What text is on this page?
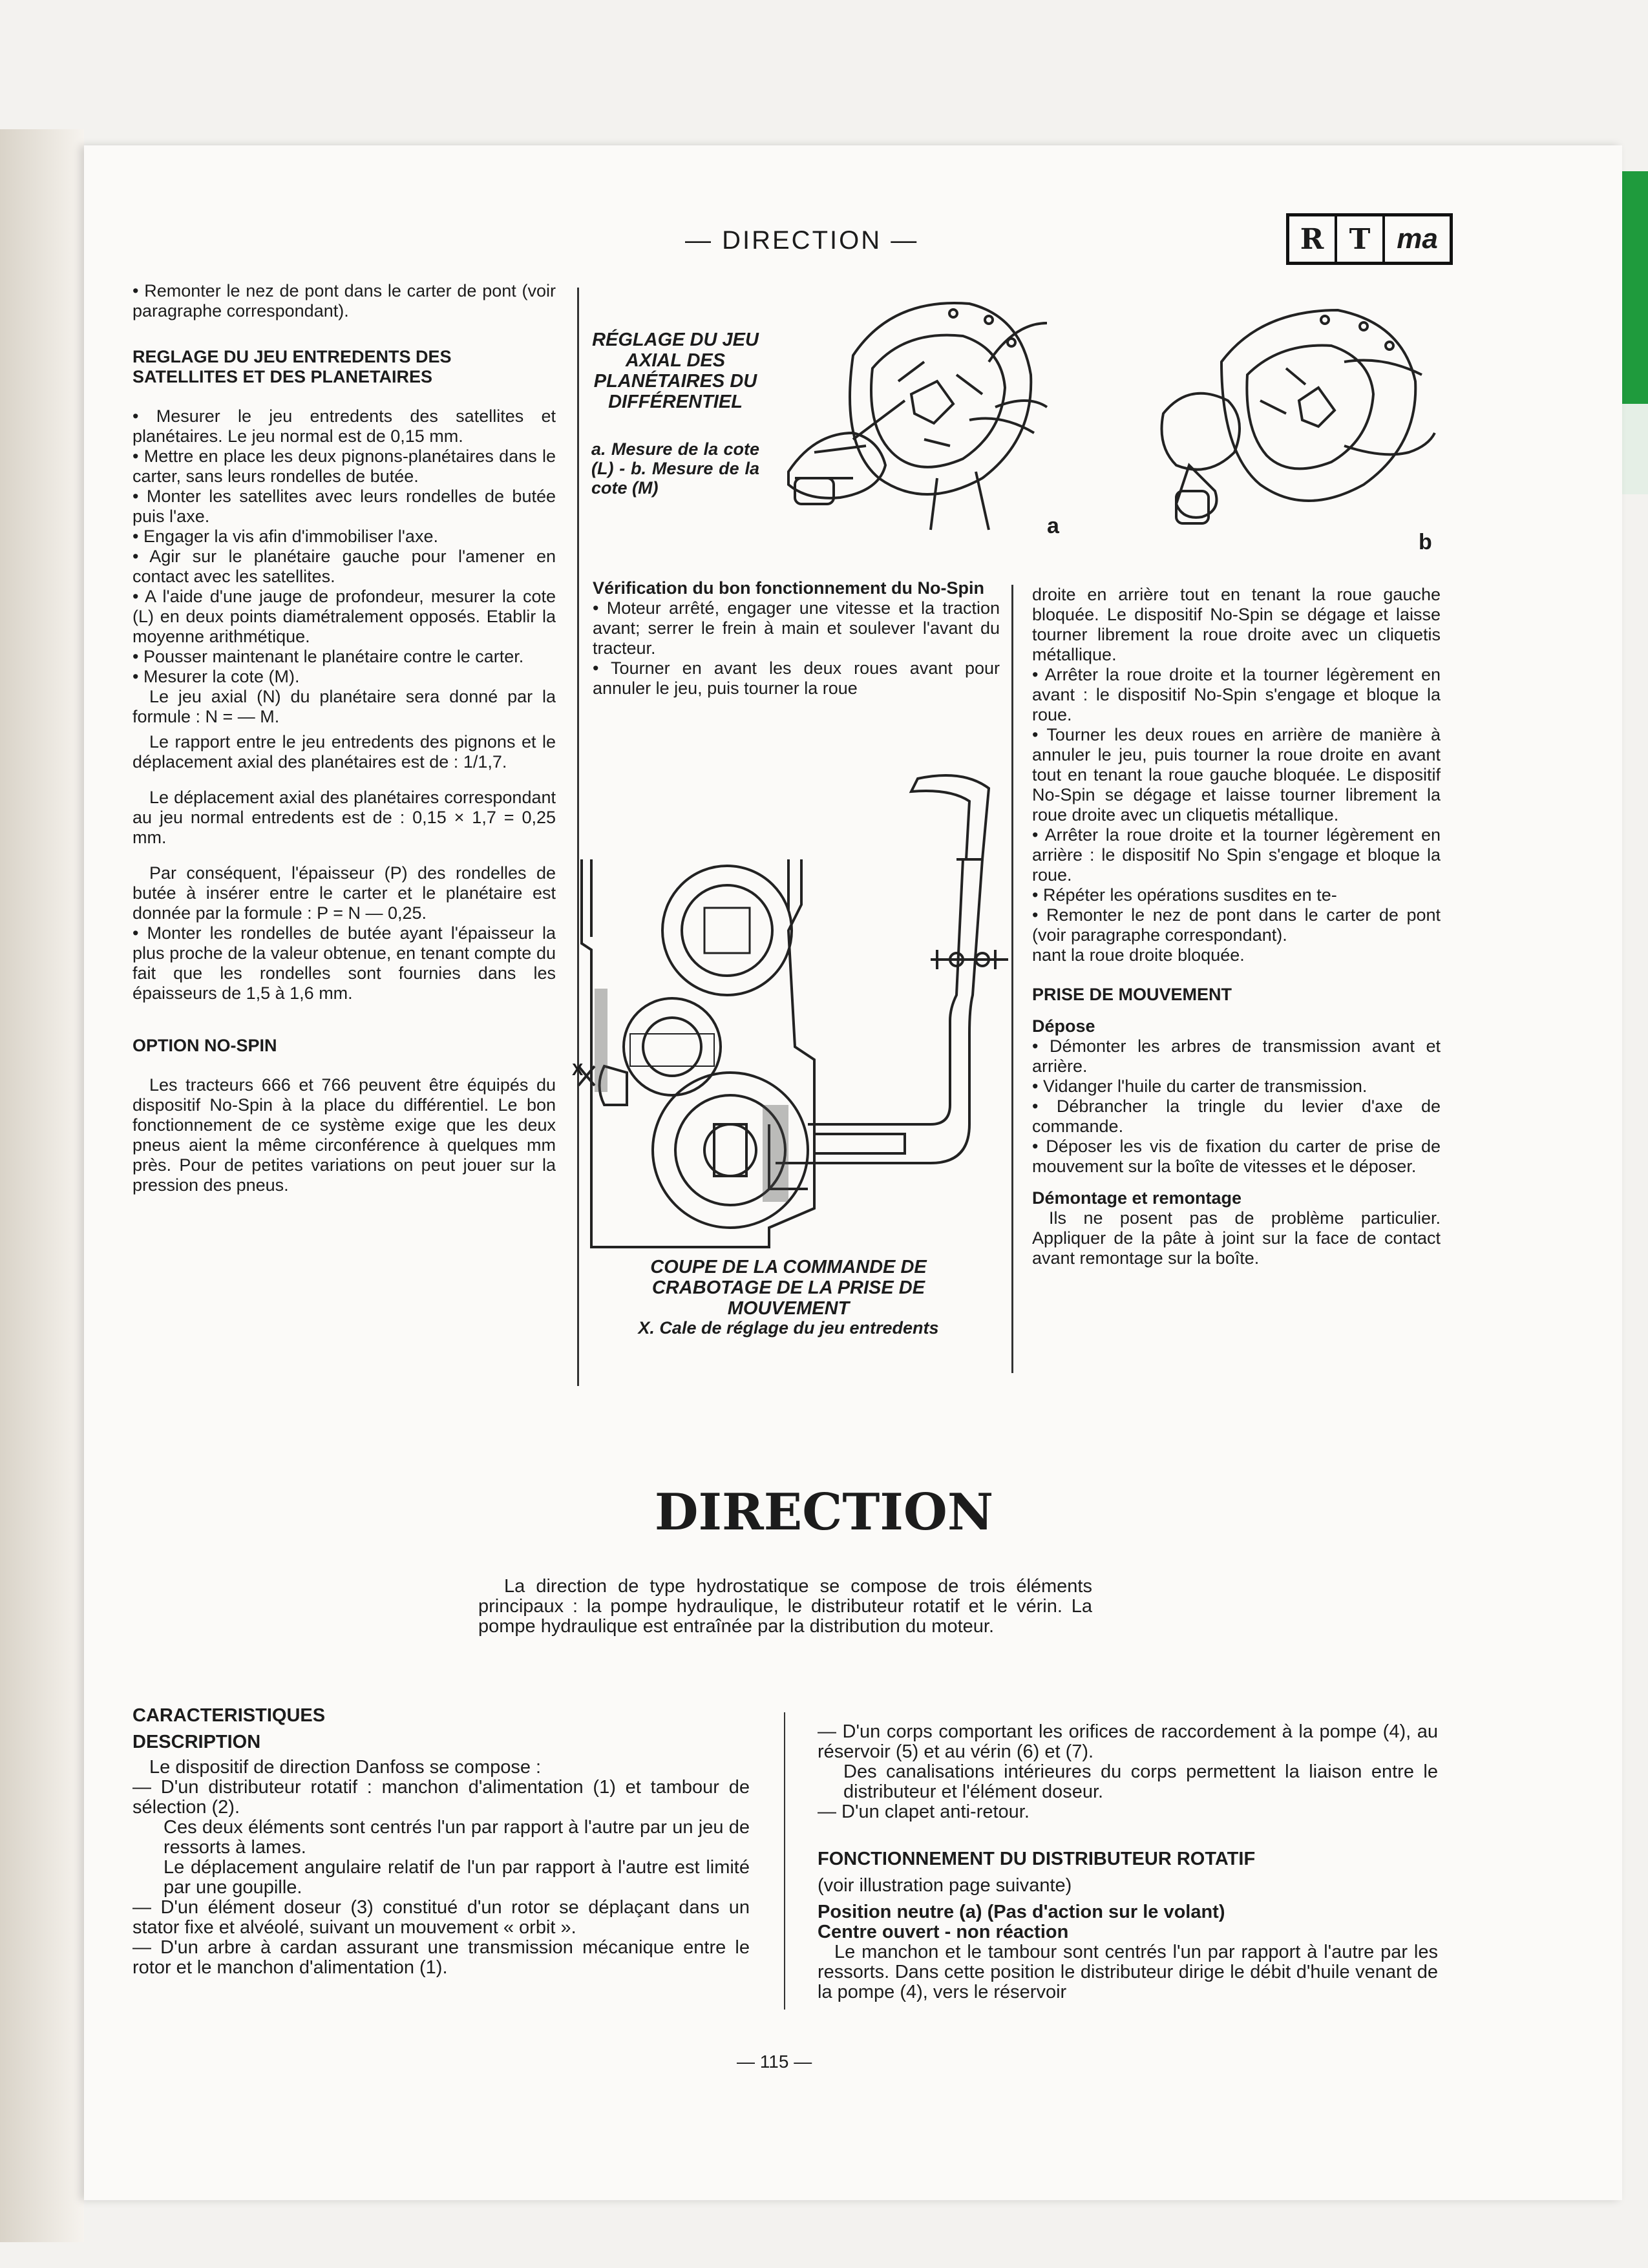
— DIRECTION —	R T ma

• Remonter le nez de pont dans le carter de pont (voir paragraphe correspondant).

REGLAGE DU JEU ENTREDENTS DES SATELLITES ET DES PLANETAIRES

• Mesurer le jeu entredents des satellites et planétaires. Le jeu normal est de 0,15 mm.

• Mettre en place les deux pignons-planétaires dans le carter, sans leurs rondelles de butée.

• Monter les satellites avec leurs rondelles de butée puis l'axe.

• Engager la vis afin d'immobiliser l'axe.

• Agir sur le planétaire gauche pour l'amener en contact avec les satellites.

• A l'aide d'une jauge de profondeur, mesurer la cote (L) en deux points diamétralement opposés. Etablir la moyenne arithmétique.

• Pousser maintenant le planétaire contre le carter.

• Mesurer la cote (M).

Le jeu axial (N) du planétaire sera donné par la formule : N = — M.

Le rapport entre le jeu entredents des pignons et le déplacement axial des planétaires est de : 1/1,7.

Le déplacement axial des planétaires correspondant au jeu normal entredents est de : 0,15 × 1,7 = 0,25 mm.

Par conséquent, l'épaisseur (P) des rondelles de butée à insérer entre le carter et le planétaire est donnée par la formule : P = N — 0,25.

• Monter les rondelles de butée ayant l'épaisseur la plus proche de la valeur obtenue, en tenant compte du fait que les rondelles sont fournies dans les épaisseurs de 1,5 à 1,6 mm.

OPTION NO-SPIN

Les tracteurs 666 et 766 peuvent être équipés du dispositif No-Spin à la place du différentiel. Le bon fonctionnement de ce système exige que les deux pneus aient la même circonférence à quelques mm près. Pour de petites variations on peut jouer sur la pression des pneus.

RÉGLAGE DU JEU AXIAL DES PLANÉTAIRES DU DIFFÉRENTIEL
a. Mesure de la cote (L) - b. Mesure de la cote (M)
a
b

Vérification du bon fonctionnement du No-Spin

• Moteur arrêté, engager une vitesse et la traction avant; serrer le frein à main et soulever l'avant du tracteur.

• Tourner en avant les deux roues avant pour annuler le jeu, puis tourner la roue

X
COUPE DE LA COMMANDE DE CRABOTAGE DE LA PRISE DE MOUVEMENT
X. Cale de réglage du jeu entredents

droite en arrière tout en tenant la roue gauche bloquée. Le dispositif No-Spin se dégage et laisse tourner librement la roue droite avec un cliquetis métallique.

• Arrêter la roue droite et la tourner légèrement en avant : le dispositif No-Spin s'engage et bloque la roue.

• Tourner les deux roues en arrière de manière à annuler le jeu, puis tourner la roue droite en avant tout en tenant la roue gauche bloquée. Le dispositif No-Spin se dégage et laisse tourner librement la roue droite avec un cliquetis métallique.

• Arrêter la roue droite et la tourner légèrement en arrière : le dispositif No Spin s'engage et bloque la roue.

• Répéter les opérations susdites en te-

• Remonter le nez de pont dans le carter de pont (voir paragraphe correspondant).

nant la roue droite bloquée.

PRISE DE MOUVEMENT

Dépose

• Démonter les arbres de transmission avant et arrière.

• Vidanger l'huile du carter de transmission.

• Débrancher la tringle du levier d'axe de commande.

• Déposer les vis de fixation du carter de prise de mouvement sur la boîte de vitesses et le déposer.

Démontage et remontage

Ils ne posent pas de problème particulier. Appliquer de la pâte à joint sur la face de contact avant remontage sur la boîte.

DIRECTION
La direction de type hydrostatique se compose de trois éléments principaux : la pompe hydraulique, le distributeur rotatif et le vérin. La pompe hydraulique est entraînée par la distribution du moteur.

CARACTERISTIQUES

DESCRIPTION

Le dispositif de direction Danfoss se compose :

— D'un distributeur rotatif : manchon d'alimentation (1) et tambour de sélection (2).

Ces deux éléments sont centrés l'un par rapport à l'autre par un jeu de ressorts à lames.

Le déplacement angulaire relatif de l'un par rapport à l'autre est limité par une goupille.

— D'un élément doseur (3) constitué d'un rotor se déplaçant dans un stator fixe et alvéolé, suivant un mouvement « orbit ».

— D'un arbre à cardan assurant une transmission mécanique entre le rotor et le manchon d'alimentation (1).

— D'un corps comportant les orifices de raccordement à la pompe (4), au réservoir (5) et au vérin (6) et (7).

Des canalisations intérieures du corps permettent la liaison entre le distributeur et l'élément doseur.

— D'un clapet anti-retour.

FONCTIONNEMENT DU DISTRIBUTEUR ROTATIF

(voir illustration page suivante)

Position neutre (a) (Pas d'action sur le volant)

Centre ouvert - non réaction

Le manchon et le tambour sont centrés l'un par rapport à l'autre par les ressorts. Dans cette position le distributeur dirige le débit d'huile venant de la pompe (4), vers le réservoir

— 115 —
